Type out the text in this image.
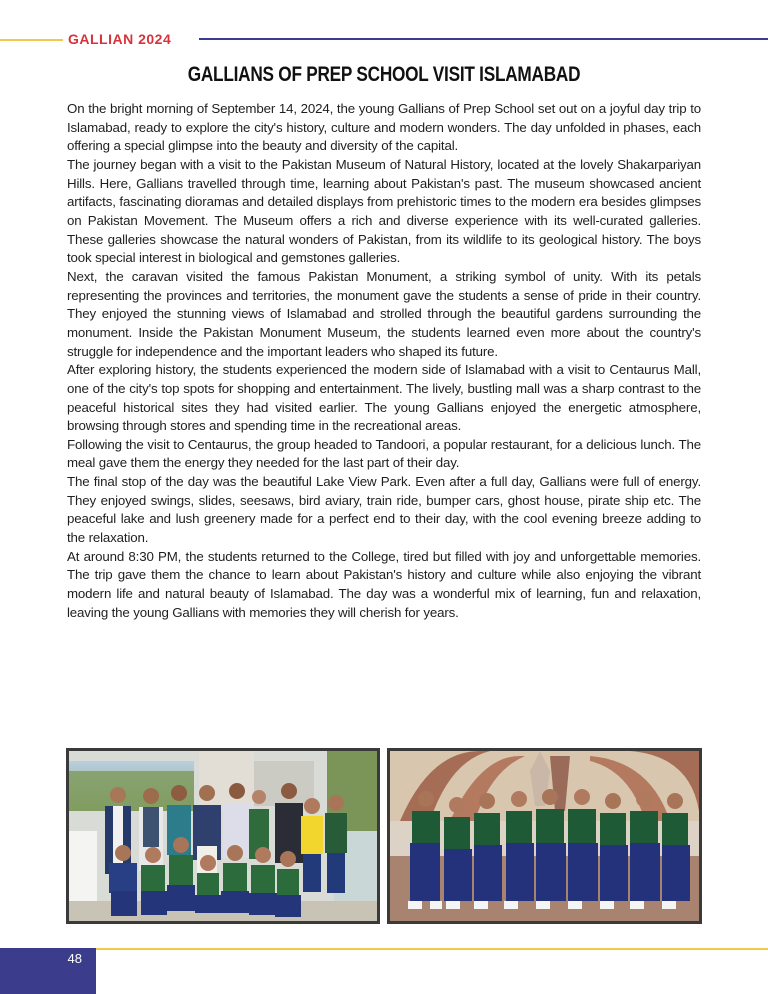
GALLIAN 2024
GALLIANS OF PREP SCHOOL VISIT ISLAMABAD

On the bright morning of September 14, 2024, the young Gallians of Prep School set out on a joyful day trip to Islamabad, ready to explore the city's history, culture and modern wonders. The day unfolded in phases, each offering a special glimpse into the beauty and diversity of the capital.

The journey began with a visit to the Pakistan Museum of Natural History, located at the lovely Shakarpariyan Hills. Here, Gallians travelled through time, learning about Pakistan's past. The museum showcased ancient artifacts, fascinating dioramas and detailed displays from prehistoric times to the modern era besides glimpses on Pakistan Movement. The Museum offers a rich and diverse experience with its well-curated galleries. These galleries showcase the natural wonders of Pakistan, from its wildlife to its geological history. The boys took special interest in biological and gemstones galleries.

Next, the caravan visited the famous Pakistan Monument, a striking symbol of unity. With its petals representing the provinces and territories, the monument gave the students a sense of pride in their country. They enjoyed the stunning views of Islamabad and strolled through the beautiful gardens surrounding the monument. Inside the Pakistan Monument Museum, the students learned even more about the country's struggle for independence and the important leaders who shaped its future.

After exploring history, the students experienced the modern side of Islamabad with a visit to Centaurus Mall, one of the city's top spots for shopping and entertainment. The lively, bustling mall was a sharp contrast to the peaceful historical sites they had visited earlier. The young Gallians enjoyed the energetic atmosphere, browsing through stores and spending time in the recreational areas.

Following the visit to Centaurus, the group headed to Tandoori, a popular restaurant, for a delicious lunch. The meal gave them the energy they needed for the last part of their day.

The final stop of the day was the beautiful Lake View Park. Even after a full day, Gallians were full of energy. They enjoyed swings, slides, seesaws, bird aviary, train ride, bumper cars, ghost house, pirate ship etc. The peaceful lake and lush greenery made for a perfect end to their day, with the cool evening breeze adding to the relaxation.

At around 8:30 PM, the students returned to the College, tired but filled with joy and unforgettable memories. The trip gave them the chance to learn about Pakistan's history and culture while also enjoying the vibrant modern life and natural beauty of Islamabad. The day was a wonderful mix of learning, fun and relaxation, leaving the young Gallians with memories they will cherish for years.

48
